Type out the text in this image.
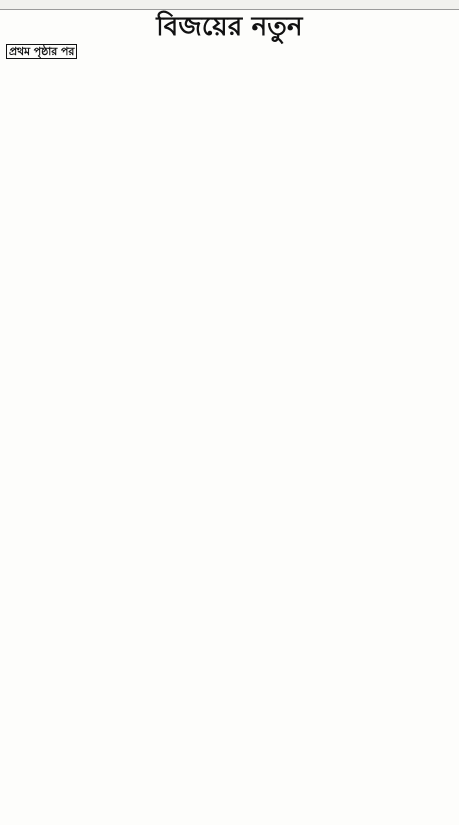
বিজয়ের নতুন

প্রথম পৃষ্ঠার পর
